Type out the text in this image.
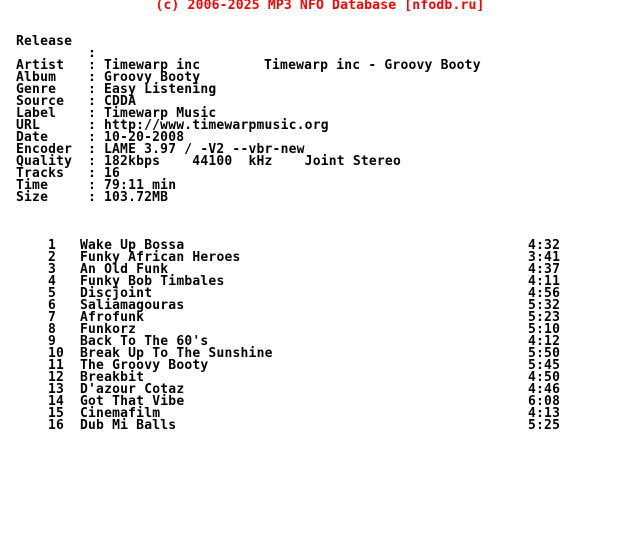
(c) 2006-2025 MP3 NFO Database [nfodb.ru]

Release

:

Timewarp inc - Groovy Booty

Artist : Timewarp inc
Album : Groovy Booty
Genre : Easy Listening
Source : CDDA
Label : Timewarp Music
URL	: http://www.timewarpmusic.org
Date	: 10-20-2008
Encoder : LAME 3.97 / -V2 --vbr-new
Quality : 182kbps    44100  kHz    Joint Stereo
Tracks : 16
Time	: 79:11 min
Size	: 103.72MB
1 Wake Up Bossa	4:32
2 Funky African Heroes	3:41
3 An Old Funk	4:37
4 Funky Bob Timbales	4:11
5 Discjoint	4:56
6 Saliamagouras	5:32
7 Afrofunk	5:23
8 Funkorz	5:10
9 Back To The 60's	4:12
10 Break Up To The Sunshine	5:50
11 The Groovy Booty	5:45
12 Breakbit	4:50
13 D'azour Cotaz	4:46
14 Got That Vibe	6:08
15 Cinemafilm	4:13
16 Dub Mi Balls	5:25
